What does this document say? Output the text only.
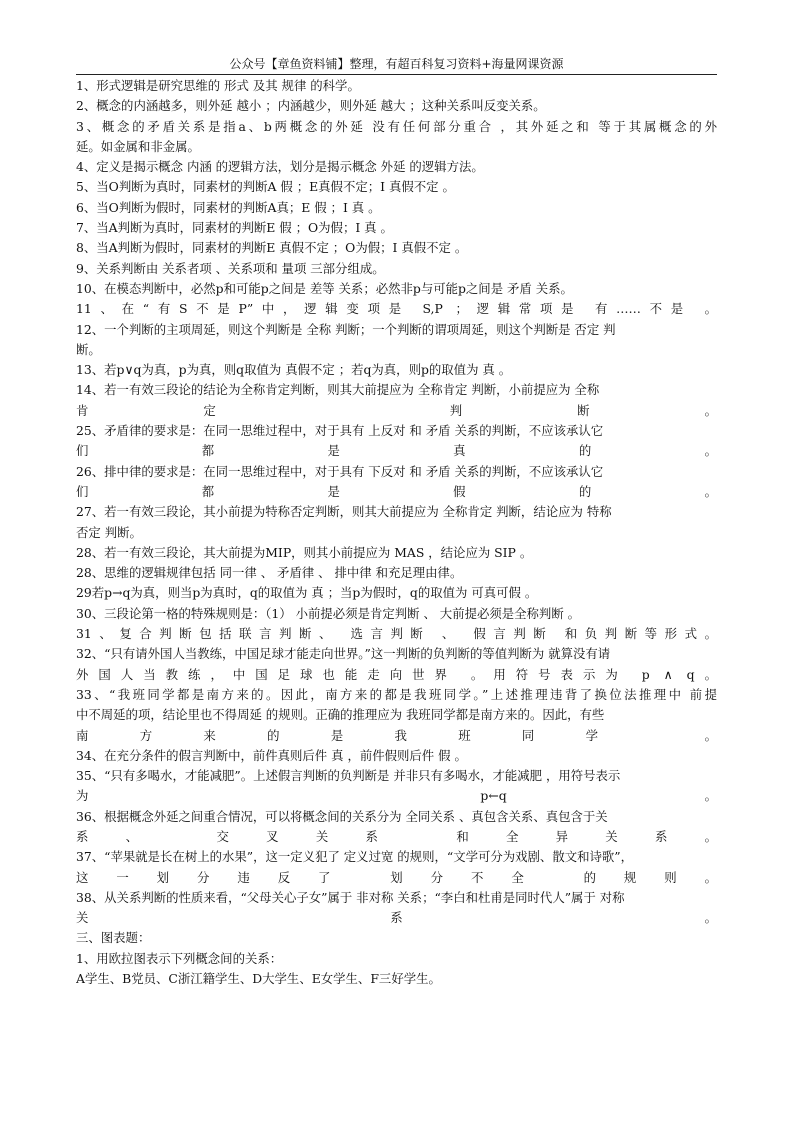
公众号【章鱼资料铺】整理，有超百科复习资料+海量网课资源
1、形式逻辑是研究思维的 形式 及其 规律 的科学。
2、概念的内涵越多，则外延 越小 ；内涵越少，则外延 越大 ；这种关系叫反变关系。
3、概念的矛盾关系是指a、b两概念的外延 没有任何部分重合 ，其外延之和 等于其属概念的外
延。如金属和非金属。
4、定义是揭示概念 内涵 的逻辑方法，划分是揭示概念 外延 的逻辑方法。
5、当O判断为真时，同素材的判断A 假 ；E真假不定；I 真假不定 。
6、当O判断为假时，同素材的判断A真；E 假 ；I 真 。
7、当A判断为真时，同素材的判断E 假 ；O为假；I 真 。
8、当A判断为假时，同素材的判断E 真假不定 ；O为假；I 真假不定 。
9、关系判断由 关系者项 、关系项和 量项 三部分组成。
10、在模态判断中，必然p和可能p之间是 差等 关系；必然非p与可能p之间是 矛盾 关系。
11、在“有S不是P”中，逻辑变项是 S,P ；逻辑常项是 有……不是 。
12、一个判断的主项周延，则这个判断是 全称 判断；一个判断的谓项周延，则这个判断是 否定 判
断。
13、若p∨q为真，p为真，则q取值为 真假不定 ；若q为真，则p的取值为 真 。
14、若一有效三段论的结论为全称肯定判断，则其大前提应为 全称肯定 判断，小前提应为 全称
肯定 判断。
25、矛盾律的要求是：在同一思维过程中，对于具有 上反对 和 矛盾 关系的判断，不应该承认它
们都是真的。
26、排中律的要求是：在同一思维过程中，对于具有 下反对 和 矛盾 关系的判断，不应该承认它
们都是假的。
27、若一有效三段论，其小前提为特称否定判断，则其大前提应为 全称肯定 判断，结论应为 特称
否定 判断。
28、若一有效三段论，其大前提为MIP，则其小前提应为 MAS ，结论应为 SIP 。
28、思维的逻辑规律包括 同一律 、 矛盾律 、 排中律 和充足理由律。
29若p→q为真，则当p为真时，q的取值为 真 ；当p为假时，q的取值为 可真可假 。
30、三段论第一格的特殊规则是：（1） 小前提必须是肯定判断 、 大前提必须是全称判断 。
31、复合判断包括联言判断、 选言判断 、 假言判断 和负判断等形式。
32、“只有请外国人当教练，中国足球才能走向世界。”这一判断的负判断的等值判断为 就算没有请
外国人当教练，中国足球也能走向世界 。用符号表示为 p ∧ q。
33、“我班同学都是南方来的。因此，南方来的都是我班同学。”上述推理违背了换位法推理中 前提
中不周延的项，结论里也不得周延 的规则。正确的推理应为 我班同学都是南方来的。因此，有些
南方来的是我班同学 。
34、在充分条件的假言判断中，前件真则后件 真 ，前件假则后件 假 。
35、“只有多喝水，才能减肥”。上述假言判断的负判断是 并非只有多喝水，才能减肥 ，用符号表示
为 p←q 。
36、根据概念外延之间重合情况，可以将概念间的关系分为 全同关系 、真包含关系、真包含于关
系、 交叉关系 和全异关系。
37、“苹果就是长在树上的水果”，这一定义犯了 定义过宽 的规则，“文学可分为戏剧、散文和诗歌”，
这一划分违反了 划分不全 的规则。
38、从关系判断的性质来看，“父母关心子女”属于 非对称 关系；“李白和杜甫是同时代人”属于 对称
关系。
三、图表题：
1、用欧拉图表示下列概念间的关系：
A学生、B党员、C浙江籍学生、D大学生、E女学生、F三好学生。
